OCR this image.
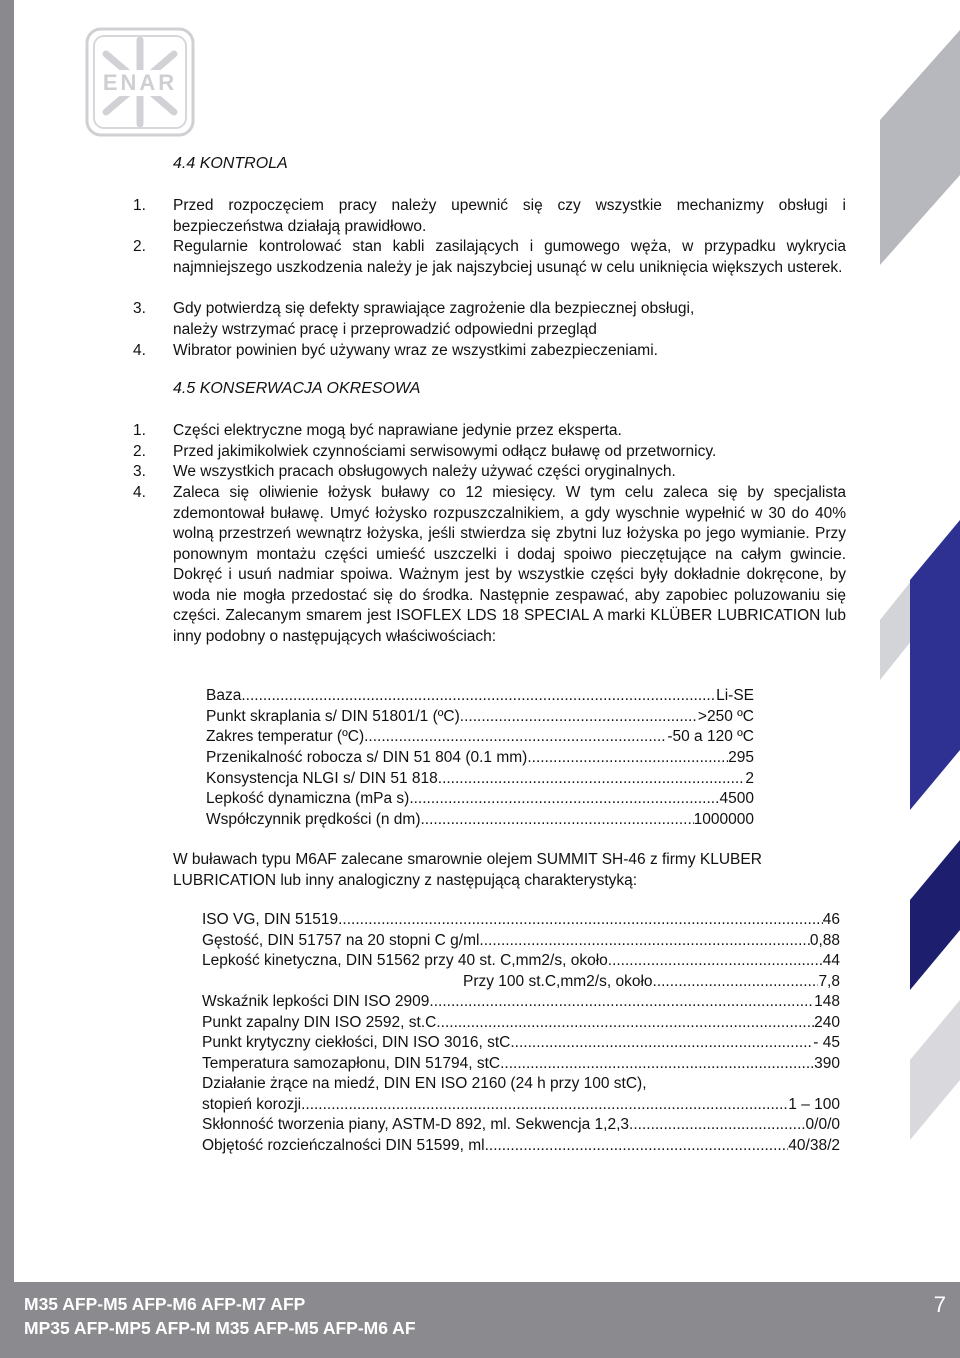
ENAR
4.4 KONTROLA
1.	Przed rozpoczęciem pracy należy upewnić się czy wszystkie mechanizmy obsługi i bezpieczeństwa działają prawidłowo.
2.	Regularnie kontrolować stan kabli zasilających i gumowego węża, w przypadku wykrycia najmniejszego uszkodzenia należy je jak najszybciej usunąć w celu uniknięcia większych usterek.
3.	Gdy potwierdzą się defekty sprawiające zagrożenie dla bezpiecznej obsługi, należy wstrzymać pracę i przeprowadzić odpowiedni przegląd
4.	Wibrator powinien być używany wraz ze wszystkimi zabezpieczeniami.
4.5 KONSERWACJA OKRESOWA
1.	Części elektryczne mogą być naprawiane jedynie przez eksperta.
2.	Przed jakimikolwiek czynnościami serwisowymi odłącz buławę od przetwornicy.
3.	We wszystkich pracach obsługowych należy używać części oryginalnych.
4.	Zaleca się oliwienie łożysk buławy co 12 miesięcy. W tym celu zaleca się by specjalista zdemontował buławę. Umyć łożysko rozpuszczalnikiem, a gdy wyschnie wypełnić w 30 do 40% wolną przestrzeń wewnątrz łożyska, jeśli stwierdza się zbytni luz łożyska po jego wymianie. Przy ponownym montażu części umieść uszczelki i dodaj spoiwo pieczętujące na całym gwincie. Dokręć i usuń nadmiar spoiwa. Ważnym jest by wszystkie części były dokładnie dokręcone, by woda nie mogła przedostać się do środka. Następnie zespawać, aby zapobiec poluzowaniu się części. Zalecanym smarem jest ISOFLEX LDS 18 SPECIAL A marki KLÜBER LUBRICATION lub inny podobny o następujących właściwościach:
Baza .....	Li-SE
Punkt skraplania s/ DIN 51801/1 (ºC) .....	>250 ºC
Zakres temperatur (ºC) .....	-50 a 120 ºC
Przenikalność robocza s/ DIN 51 804 (0.1 mm) .....	295
Konsystencja NLGI s/ DIN 51 818 .....	2
Lepkość dynamiczna (mPa s) .....	4500
Współczynnik prędkości (n dm) .....	1000000
W buławach typu M6AF zalecane smarownie olejem SUMMIT SH-46 z firmy KLUBER LUBRICATION lub inny analogiczny z następującą charakterystyką:
ISO VG, DIN 51519 .....	46
Gęstość, DIN 51757 na 20 stopni C g/ml .....	0,88
Lepkość kinetyczna, DIN 51562 przy 40 st. C,mm2/s, około .....	44
Przy 100 st.C,mm2/s, około .....	7,8
Wskaźnik lepkości DIN ISO 2909 .....	148
Punkt zapalny DIN ISO 2592, st.C .....	240
Punkt krytyczny ciekłości, DIN ISO 3016, stC .....	- 45
Temperatura samozapłonu, DIN 51794, stC .....	390
Działanie żrące na miedź, DIN EN ISO 2160 (24 h przy 100 stC),
stopień korozji .....	1 – 100
Skłonność tworzenia piany, ASTM-D 892, ml. Sekwencja 1,2,3 .....	0/0/0
Objętość rozcieńczalności DIN 51599, ml .....	40/38/2
M35 AFP-M5 AFP-M6 AFP-M7 AFP
MP35 AFP-MP5 AFP-M M35 AFP-M5 AFP-M6 AF
7
